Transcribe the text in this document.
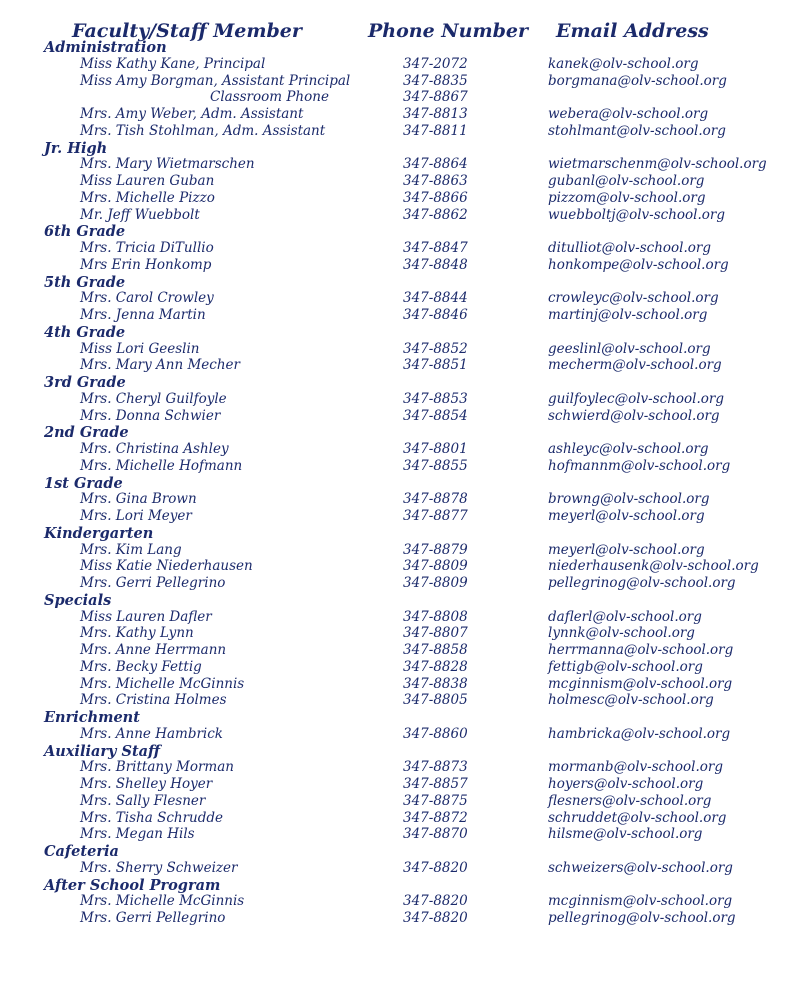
Faculty/Staff Member	Phone Number Email Address
Administration
Miss Kathy Kane, Principal	347-2072	kanek@olv-school.org
Miss Amy Borgman, Assistant Principal	347-8835	borgmana@olv-school.org
Classroom Phone	347-8867
Mrs. Amy Weber, Adm. Assistant	347-8813	webera@olv-school.org
Mrs. Tish Stohlman, Adm. Assistant	347-8811	stohlmant@olv-school.org
Jr. High
Mrs. Mary Wietmarschen	347-8864	wietmarschenm@olv-school.org
Miss Lauren Guban	347-8863	gubanl@olv-school.org
Mrs. Michelle Pizzo	347-8866	pizzom@olv-school.org
Mr. Jeff Wuebbolt	347-8862	wuebboltj@olv-school.org
6th Grade
Mrs. Tricia DiTullio	347-8847	ditulliot@olv-school.org
Mrs Erin Honkomp	347-8848	honkompe@olv-school.org
5th Grade
Mrs. Carol Crowley	347-8844	crowleyc@olv-school.org
Mrs. Jenna Martin	347-8846	martinj@olv-school.org
4th Grade
Miss Lori Geeslin	347-8852	geeslinl@olv-school.org
Mrs. Mary Ann Mecher	347-8851	mecherm@olv-school.org
3rd Grade
Mrs. Cheryl Guilfoyle	347-8853	guilfoylec@olv-school.org
Mrs. Donna Schwier	347-8854	schwierd@olv-school.org
2nd Grade
Mrs. Christina Ashley	347-8801	ashleyc@olv-school.org
Mrs. Michelle Hofmann	347-8855	hofmannm@olv-school.org
1st Grade
Mrs. Gina Brown	347-8878	browng@olv-school.org
Mrs. Lori Meyer	347-8877	meyerl@olv-school.org
Kindergarten
Mrs. Kim Lang	347-8879	meyerl@olv-school.org
Miss Katie Niederhausen	347-8809	niederhausenk@olv-school.org
Mrs. Gerri Pellegrino	347-8809	pellegrinog@olv-school.org
Specials
Miss Lauren Dafler	347-8808	daflerl@olv-school.org
Mrs. Kathy Lynn	347-8807	lynnk@olv-school.org
Mrs. Anne Herrmann	347-8858	herrmanna@olv-school.org
Mrs. Becky Fettig	347-8828	fettigb@olv-school.org
Mrs. Michelle McGinnis	347-8838	mcginnism@olv-school.org
Mrs. Cristina Holmes	347-8805	holmesc@olv-school.org
Enrichment
Mrs. Anne Hambrick	347-8860	hambricka@olv-school.org
Auxiliary Staff
Mrs. Brittany Morman	347-8873	mormanb@olv-school.org
Mrs. Shelley Hoyer	347-8857	hoyers@olv-school.org
Mrs. Sally Flesner	347-8875	flesners@olv-school.org
Mrs. Tisha Schrudde	347-8872	schruddet@olv-school.org
Mrs. Megan Hils	347-8870	hilsme@olv-school.org
Cafeteria
Mrs. Sherry Schweizer	347-8820	schweizers@olv-school.org
After School Program
Mrs. Michelle McGinnis	347-8820	mcginnism@olv-school.org
Mrs. Gerri Pellegrino	347-8820	pellegrinog@olv-school.org
